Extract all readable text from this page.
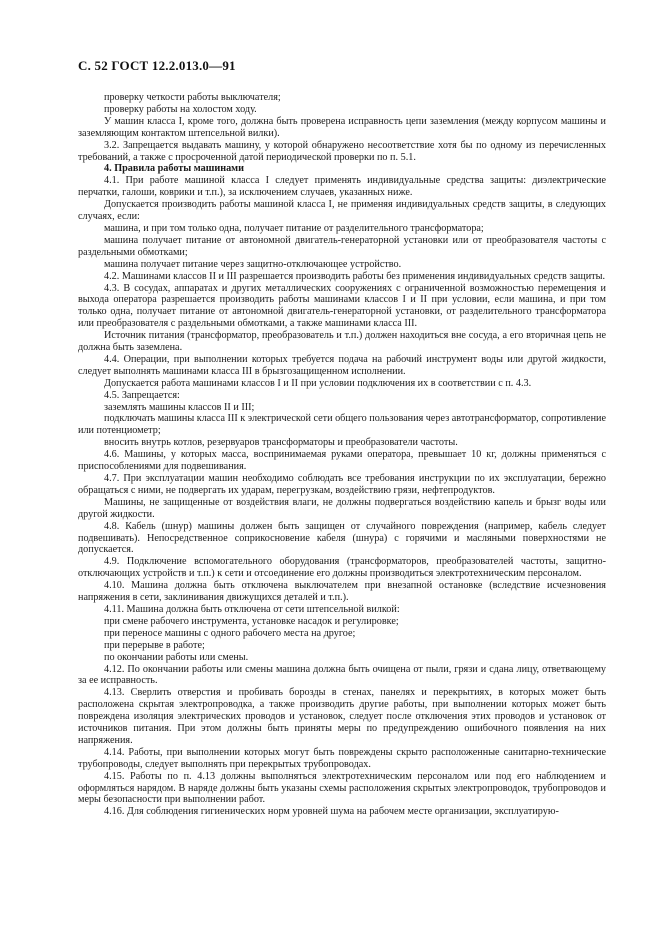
С. 52 ГОСТ 12.2.013.0—91

проверку четкости работы выключателя;

проверку работы на холостом ходу.

У машин класса I, кроме того, должна быть проверена исправность цепи заземления (между корпусом машины и заземляющим контактом штепсельной вилки).

3.2. Запрещается выдавать машину, у которой обнаружено несоответствие хотя бы по одному из перечисленных требований, а также с просроченной датой периодической проверки по п. 5.1.

4. Правила работы машинами

4.1. При работе машиной класса I следует применять индивидуальные средства защиты: диэлектрические перчатки, галоши, коврики и т.п.), за исключением случаев, указанных ниже.

Допускается производить работы машиной класса I, не применяя индивидуальных средств защиты, в следующих случаях, если:

машина, и при том только одна, получает питание от разделительного трансформатора;

машина получает питание от автономной двигатель-генераторной установки или от преобразователя частоты с раздельными обмотками;

машина получает питание через защитно-отключающее устройство.

4.2. Машинами классов II и III разрешается производить работы без применения индивидуальных средств защиты.

4.3. В сосудах, аппаратах и других металлических сооружениях с ограниченной возможностью перемещения и выхода оператора разрешается производить работы машинами классов I и II при условии, если машина, и при том только одна, получает питание от автономной двигатель-генераторной установки, от разделительного трансформатора или преобразователя с раздельными обмотками, а также машинами класса III.

Источник питания (трансформатор, преобразователь и т.п.) должен находиться вне сосуда, а его вторичная цепь не должна быть заземлена.

4.4. Операции, при выполнении которых требуется подача на рабочий инструмент воды или другой жидкости, следует выполнять машинами класса III в брызгозащищенном исполнении.

Допускается работа машинами классов I и II при условии подключения их в соответствии с п. 4.3.

4.5. Запрещается:

заземлять машины классов II и III;

подключать машины класса III к электрической сети общего пользования через автотрансформатор, сопротивление или потенциометр;

вносить внутрь котлов, резервуаров трансформаторы и преобразователи частоты.

4.6. Машины, у которых масса, воспринимаемая руками оператора, превышает 10 кг, должны применяться с приспособлениями для подвешивания.

4.7. При эксплуатации машин необходимо соблюдать все требования инструкции по их эксплуатации, бережно обращаться с ними, не подвергать их ударам, перегрузкам, воздействию грязи, нефтепродуктов.

Машины, не защищенные от воздействия влаги, не должны подвергаться воздействию капель и брызг воды или другой жидкости.

4.8. Кабель (шнур) машины должен быть защищен от случайного повреждения (например, кабель следует подвешивать). Непосредственное соприкосновение кабеля (шнура) с горячими и масляными поверхностями не допускается.

4.9. Подключение вспомогательного оборудования (трансформаторов, преобразователей частоты, защитно-отключающих устройств и т.п.) к сети и отсоединение его должны производиться электротехническим персоналом.

4.10. Машина должна быть отключена выключателем при внезапной остановке (вследствие исчезновения напряжения в сети, заклинивания движущихся деталей и т.п.).

4.11. Машина должна быть отключена от сети штепсельной вилкой:

при смене рабочего инструмента, установке насадок и регулировке;

при переносе машины с одного рабочего места на другое;

при перерыве в работе;

по окончании работы или смены.

4.12. По окончании работы или смены машина должна быть очищена от пыли, грязи и сдана лицу, ответвающему за ее исправность.

4.13. Сверлить отверстия и пробивать борозды в стенах, панелях и перекрытиях, в которых может быть расположена скрытая электропроводка, а также производить другие работы, при выполнении которых может быть повреждена изоляция электрических проводов и установок, следует после отключения этих проводов и установок от источников питания. При этом должны быть приняты меры по предупреждению ошибочного появления на них напряжения.

4.14. Работы, при выполнении которых могут быть повреждены скрыто расположенные санитарно-технические трубопроводы, следует выполнять при перекрытых трубопроводах.

4.15. Работы по п. 4.13 должны выполняться электротехническим персоналом или под его наблюдением и оформляться нарядом. В наряде должны быть указаны схемы расположения скрытых электропроводок, трубопроводов и меры безопасности при выполнении работ.

4.16. Для соблюдения гигиенических норм уровней шума на рабочем месте организации, эксплуатирую-
